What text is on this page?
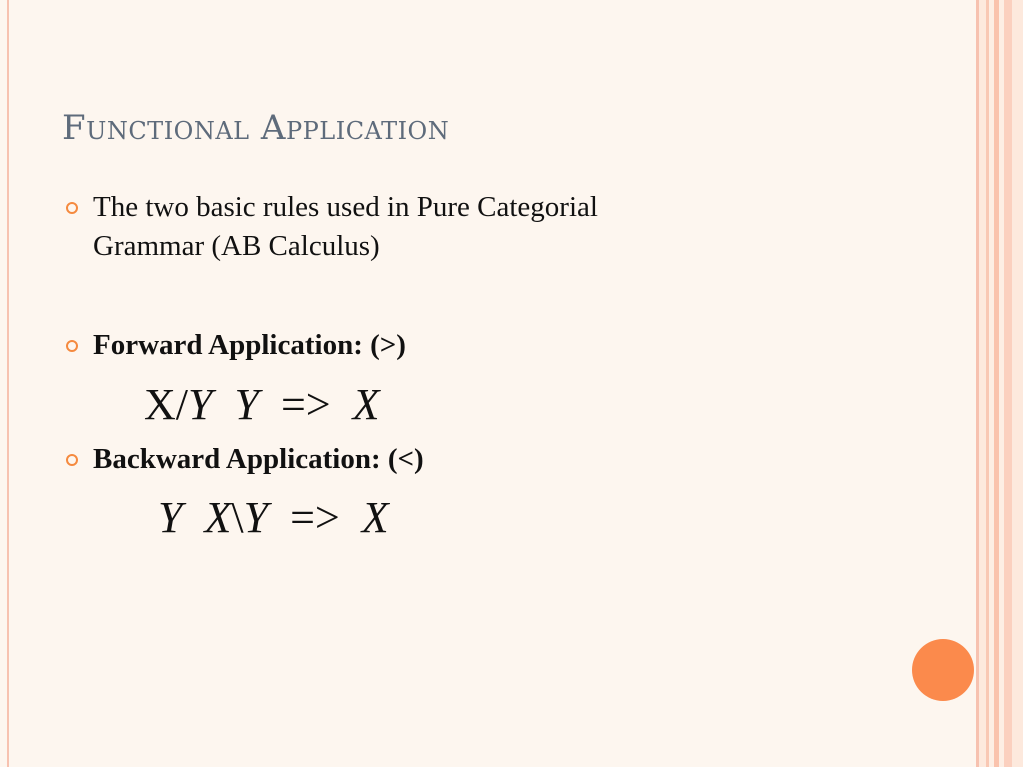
Functional Application
The two basic rules used in Pure Categorial
Grammar (AB Calculus)
Forward Application: (>)
X/Y Y => X
Backward Application: (<)
Y X\Y => X
